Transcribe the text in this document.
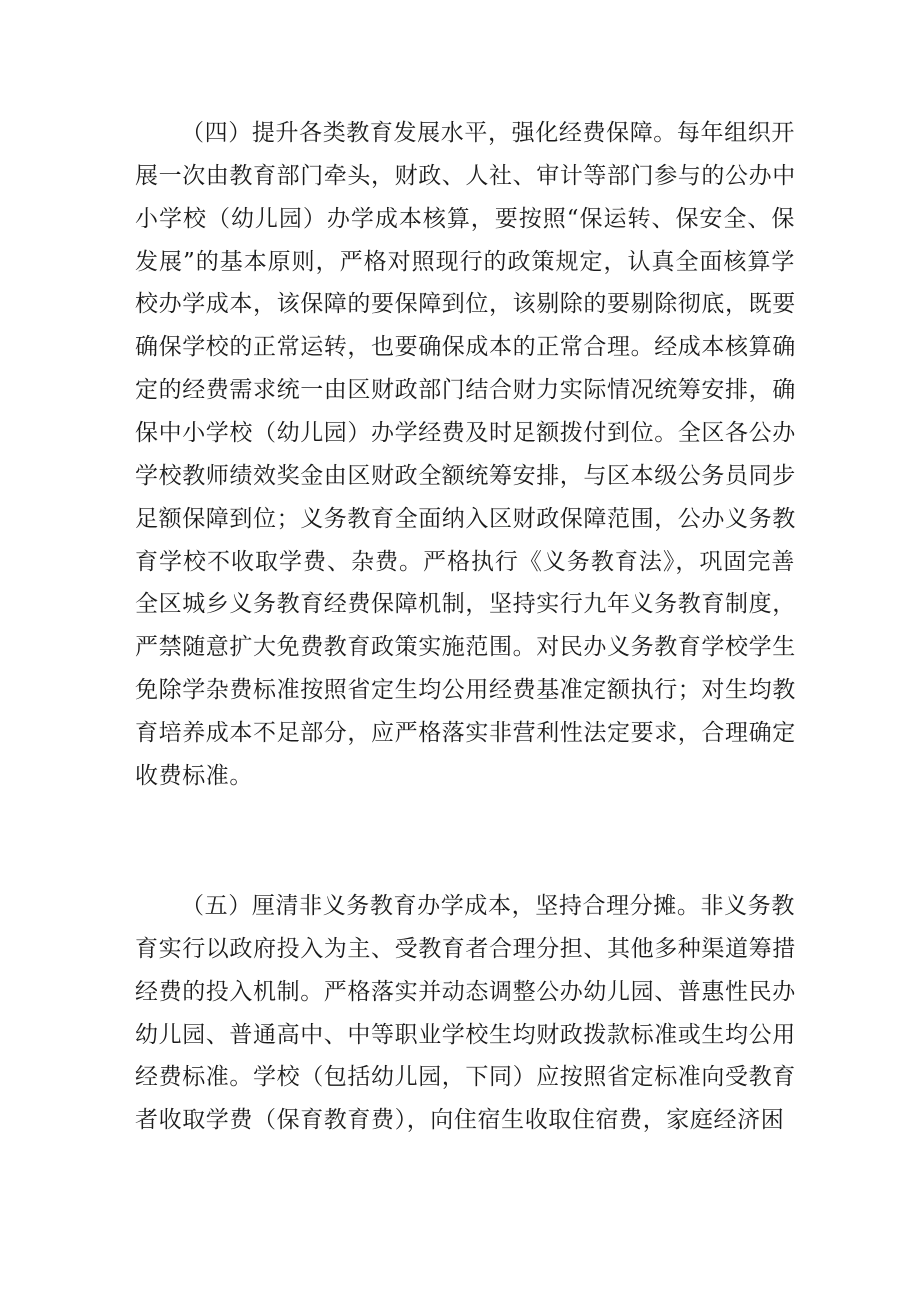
（四）提升各类教育发展水平，强化经费保障。每年组织开
展一次由教育部门牵头，财政、人社、审计等部门参与的公办中
小学校（幼儿园）办学成本核算，要按照“保运转、保安全、保
发展”的基本原则，严格对照现行的政策规定，认真全面核算学
校办学成本，该保障的要保障到位，该剔除的要剔除彻底，既要
确保学校的正常运转，也要确保成本的正常合理。经成本核算确
定的经费需求统一由区财政部门结合财力实际情况统筹安排，确
保中小学校（幼儿园）办学经费及时足额拨付到位。全区各公办
学校教师绩效奖金由区财政全额统筹安排，与区本级公务员同步
足额保障到位；义务教育全面纳入区财政保障范围，公办义务教
育学校不收取学费、杂费。严格执行《义务教育法》，巩固完善
全区城乡义务教育经费保障机制，坚持实行九年义务教育制度，
严禁随意扩大免费教育政策实施范围。对民办义务教育学校学生
免除学杂费标准按照省定生均公用经费基准定额执行；对生均教
育培养成本不足部分，应严格落实非营利性法定要求，合理确定
收费标准。
（五）厘清非义务教育办学成本，坚持合理分摊。非义务教
育实行以政府投入为主、受教育者合理分担、其他多种渠道筹措
经费的投入机制。严格落实并动态调整公办幼儿园、普惠性民办
幼儿园、普通高中、中等职业学校生均财政拨款标准或生均公用
经费标准。学校（包括幼儿园，下同）应按照省定标准向受教育
者收取学费（保育教育费），向住宿生收取住宿费，家庭经济困
